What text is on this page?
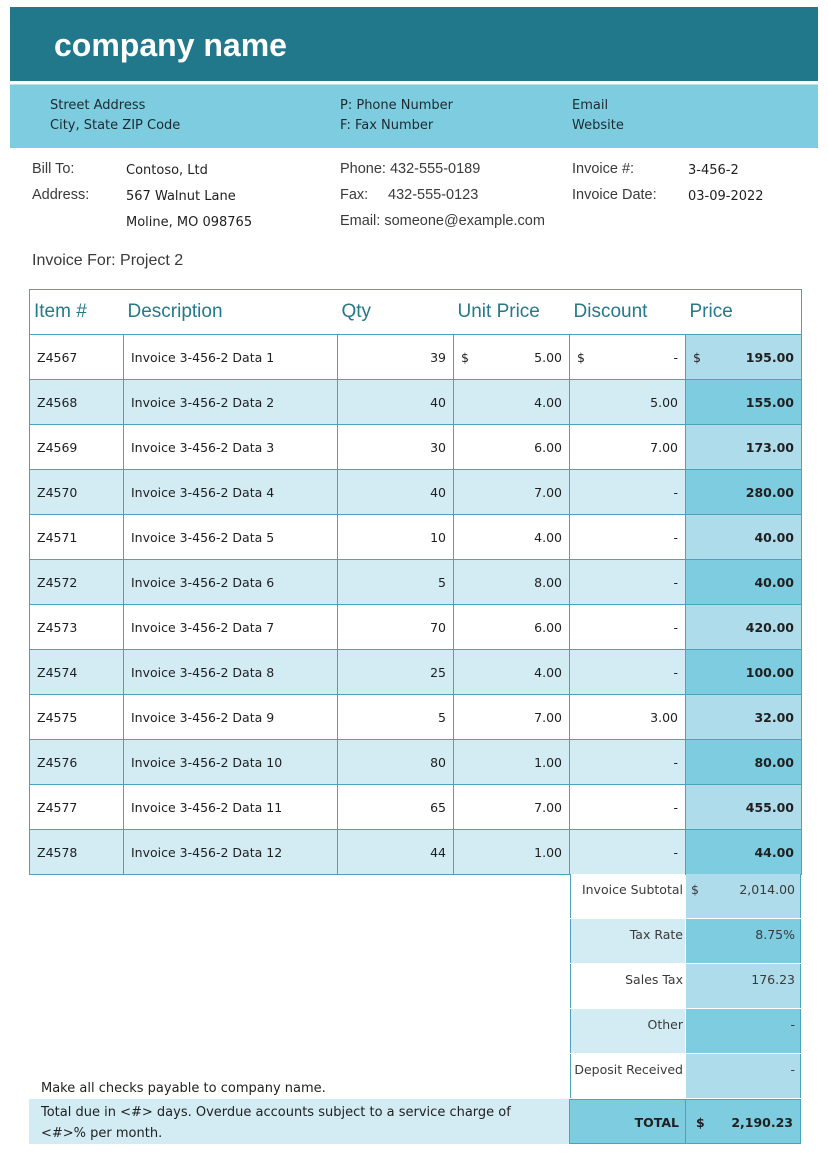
company name
Street Address
City, State ZIP Code
P: Phone Number
F: Fax Number
Email
Website
Bill To:	Contoso, Ltd
Address:	567 Walnut Lane
Moline, MO 098765
Phone: 432-555-0189
Fax: 432-555-0123
Email: someone@example.com
Invoice #:	3-456-2
Invoice Date: 03-09-2022
Invoice For: Project 2
Item #	Description	Qty	Unit Price	Discount	Price
Z4567	Invoice 3-456-2 Data 1	39	$ 5.00	$ -	$ 195.00

Z4568	Invoice 3-456-2 Data 2	40	4.00	5.00	155.00
Z4569	Invoice 3-456-2 Data 3	30	6.00	7.00	173.00
Z4570	Invoice 3-456-2 Data 4	40	7.00	-	280.00
Z4571	Invoice 3-456-2 Data 5	10	4.00	-	40.00
Z4572	Invoice 3-456-2 Data 6	5	8.00	-	40.00
Z4573	Invoice 3-456-2 Data 7	70	6.00	-	420.00
Z4574	Invoice 3-456-2 Data 8	25	4.00	-	100.00
Z4575	Invoice 3-456-2 Data 9	5	7.00	3.00	32.00
Z4576	Invoice 3-456-2 Data 10	80	1.00	-	80.00
Z4577	Invoice 3-456-2 Data 11	65	7.00	-	455.00
Z4578	Invoice 3-456-2 Data 12	44	1.00	-	44.00
Invoice Subtotal $	2,014.00
Tax Rate	8.75%
Sales Tax	176.23
Other	-
Deposit Received	-
TOTAL $ 2,190.23
Make all checks payable to company name.
Total due in <#> days. Overdue accounts subject to a service charge of <#>% per month.
